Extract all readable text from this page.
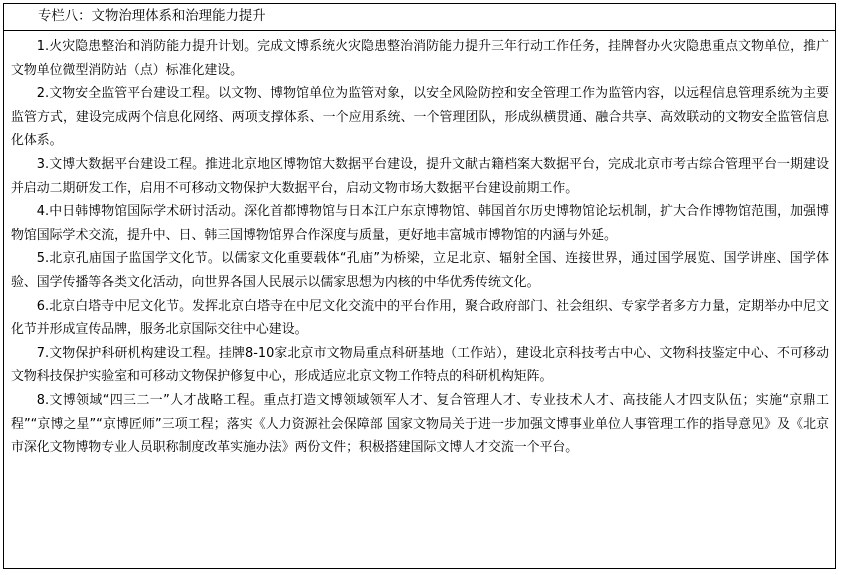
专栏八：文物治理体系和治理能力提升

1.火灾隐患整治和消防能力提升计划。完成文博系统火灾隐患整治消防能力提升三年行动工作任务，挂牌督办火灾隐患重点文物单位，推广文物单位微型消防站（点）标准化建设。

2.文物安全监管平台建设工程。以文物、博物馆单位为监管对象，以安全风险防控和安全管理工作为监管内容，以远程信息管理系统为主要监管方式，建设完成两个信息化网络、两项支撑体系、一个应用系统、一个管理团队，形成纵横贯通、融合共享、高效联动的文物安全监管信息化体系。

3.文博大数据平台建设工程。推进北京地区博物馆大数据平台建设，提升文献古籍档案大数据平台，完成北京市考古综合管理平台一期建设并启动二期研发工作，启用不可移动文物保护大数据平台，启动文物市场大数据平台建设前期工作。

4.中日韩博物馆国际学术研讨活动。深化首都博物馆与日本江户东京博物馆、韩国首尔历史博物馆论坛机制，扩大合作博物馆范围，加强博物馆国际学术交流，提升中、日、韩三国博物馆界合作深度与质量，更好地丰富城市博物馆的内涵与外延。

5.北京孔庙国子监国学文化节。以儒家文化重要载体“孔庙”为桥梁，立足北京、辐射全国、连接世界，通过国学展览、国学讲座、国学体验、国学传播等各类文化活动，向世界各国人民展示以儒家思想为内核的中华优秀传统文化。

6.北京白塔寺中尼文化节。发挥北京白塔寺在中尼文化交流中的平台作用，聚合政府部门、社会组织、专家学者多方力量，定期举办中尼文化节并形成宣传品牌，服务北京国际交往中心建设。

7.文物保护科研机构建设工程。挂牌8-10家北京市文物局重点科研基地（工作站），建设北京科技考古中心、文物科技鉴定中心、不可移动文物科技保护实验室和可移动文物保护修复中心，形成适应北京文物工作特点的科研机构矩阵。

8.文博领域“四三二一”人才战略工程。重点打造文博领域领军人才、复合管理人才、专业技术人才、高技能人才四支队伍；实施“京鼎工程”“京博之星”“京博匠师”三项工程；落实《人力资源社会保障部 国家文物局关于进一步加强文博事业单位人事管理工作的指导意见》及《北京市深化文物博物专业人员职称制度改革实施办法》两份文件；积极搭建国际文博人才交流一个平台。
